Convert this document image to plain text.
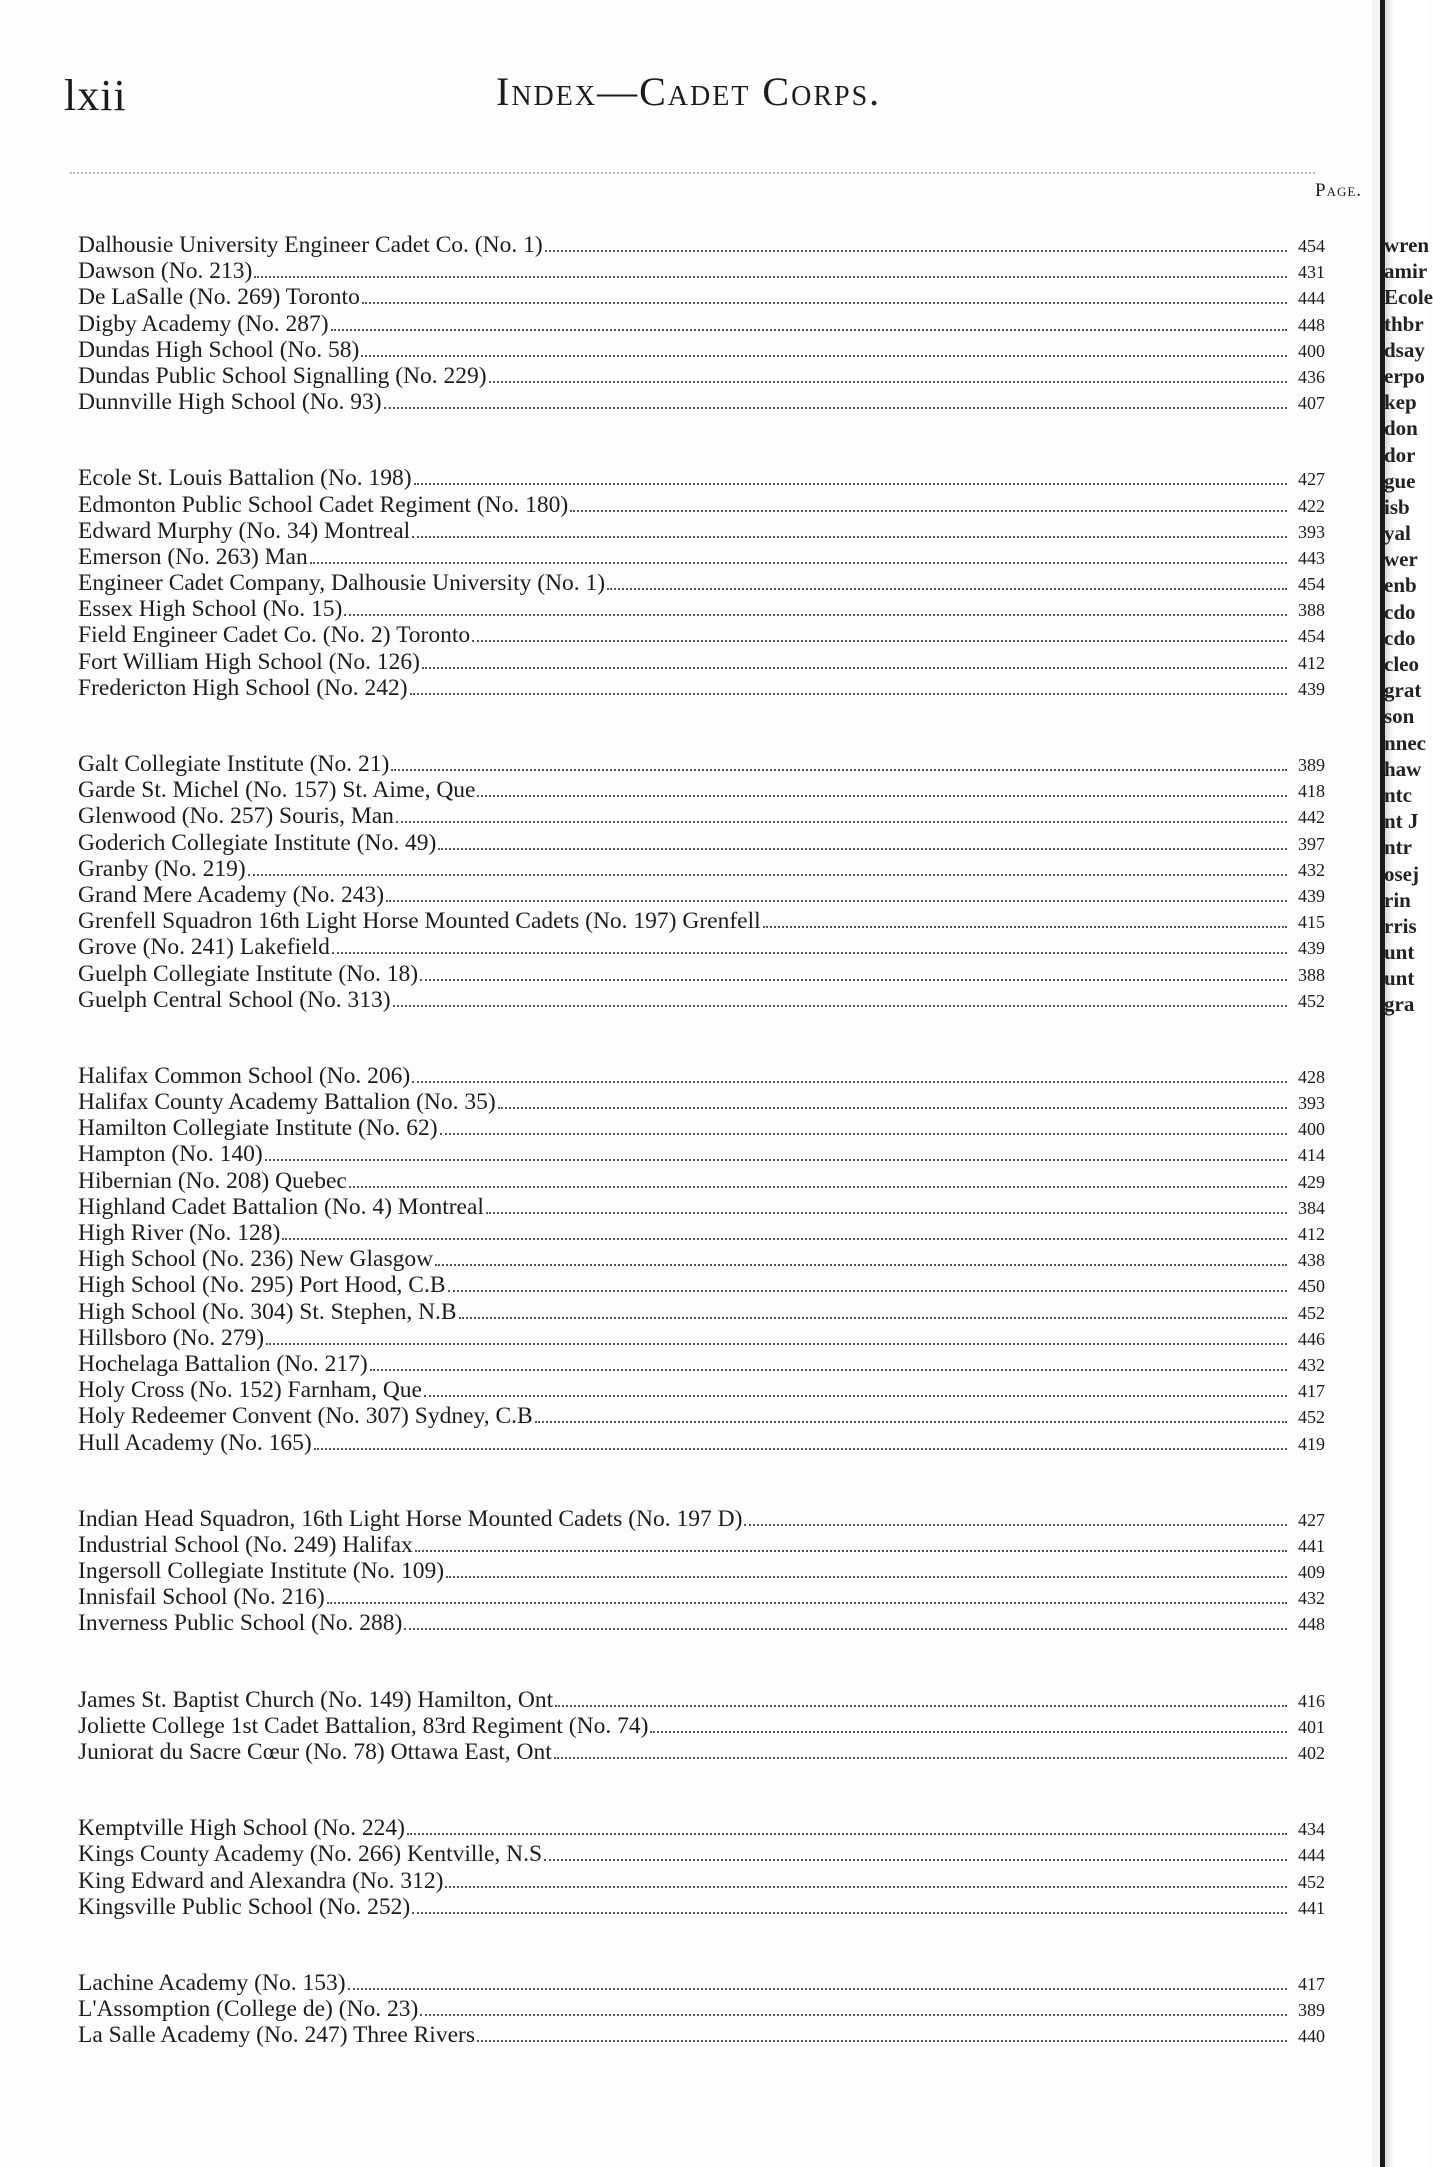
lxii	Index—Cadet Corps.
Page.
Dalhousie University Engineer Cadet Co. (No. 1)	454
Dawson (No. 213)	431
De LaSalle (No. 269) Toronto	444
Digby Academy (No. 287)	448
Dundas High School (No. 58)	400
Dundas Public School Signalling (No. 229)	436
Dunnville High School (No. 93)	407
Ecole St. Louis Battalion (No. 198)	427
Edmonton Public School Cadet Regiment (No. 180)	422
Edward Murphy (No. 34) Montreal	393
Emerson (No. 263) Man	443
Engineer Cadet Company, Dalhousie University (No. 1)	454
Essex High School (No. 15)	388
Field Engineer Cadet Co. (No. 2) Toronto	454
Fort William High School (No. 126)	412
Fredericton High School (No. 242)	439
Galt Collegiate Institute (No. 21)	389
Garde St. Michel (No. 157) St. Aime, Que	418
Glenwood (No. 257) Souris, Man	442
Goderich Collegiate Institute (No. 49)	397
Granby (No. 219)	432
Grand Mere Academy (No. 243)	439
Grenfell Squadron 16th Light Horse Mounted Cadets (No. 197) Grenfell	415
Grove (No. 241) Lakefield	439
Guelph Collegiate Institute (No. 18)	388
Guelph Central School (No. 313)	452
Halifax Common School (No. 206)	428
Halifax County Academy Battalion (No. 35)	393
Hamilton Collegiate Institute (No. 62)	400
Hampton (No. 140)	414
Hibernian (No. 208) Quebec	429
Highland Cadet Battalion (No. 4) Montreal	384
High River (No. 128)	412
High School (No. 236) New Glasgow	438
High School (No. 295) Port Hood, C.B	450
High School (No. 304) St. Stephen, N.B	452
Hillsboro (No. 279)	446
Hochelaga Battalion (No. 217)	432
Holy Cross (No. 152) Farnham, Que	417
Holy Redeemer Convent (No. 307) Sydney, C.B	452
Hull Academy (No. 165)	419
Indian Head Squadron, 16th Light Horse Mounted Cadets (No. 197 D)	427
Industrial School (No. 249) Halifax	441
Ingersoll Collegiate Institute (No. 109)	409
Innisfail School (No. 216)	432
Inverness Public School (No. 288)	448
James St. Baptist Church (No. 149) Hamilton, Ont	416
Joliette College 1st Cadet Battalion, 83rd Regiment (No. 74)	401
Juniorat du Sacre Cœur (No. 78) Ottawa East, Ont	402
Kemptville High School (No. 224)	434
Kings County Academy (No. 266) Kentville, N.S	444
King Edward and Alexandra (No. 312)	452
Kingsville Public School (No. 252)	441
Lachine Academy (No. 153)	417
L'Assomption (College de) (No. 23)	389
La Salle Academy (No. 247) Three Rivers	440
wren
amir
Ecole
thbr
dsay
erpo
kep
don
dor
gue
isb
yal
wer
enb
cdo
cdo
cleo
grat
son
nnec
haw
ntc
nt J
ntr
osej
rin
rris
unt
unt
gra
